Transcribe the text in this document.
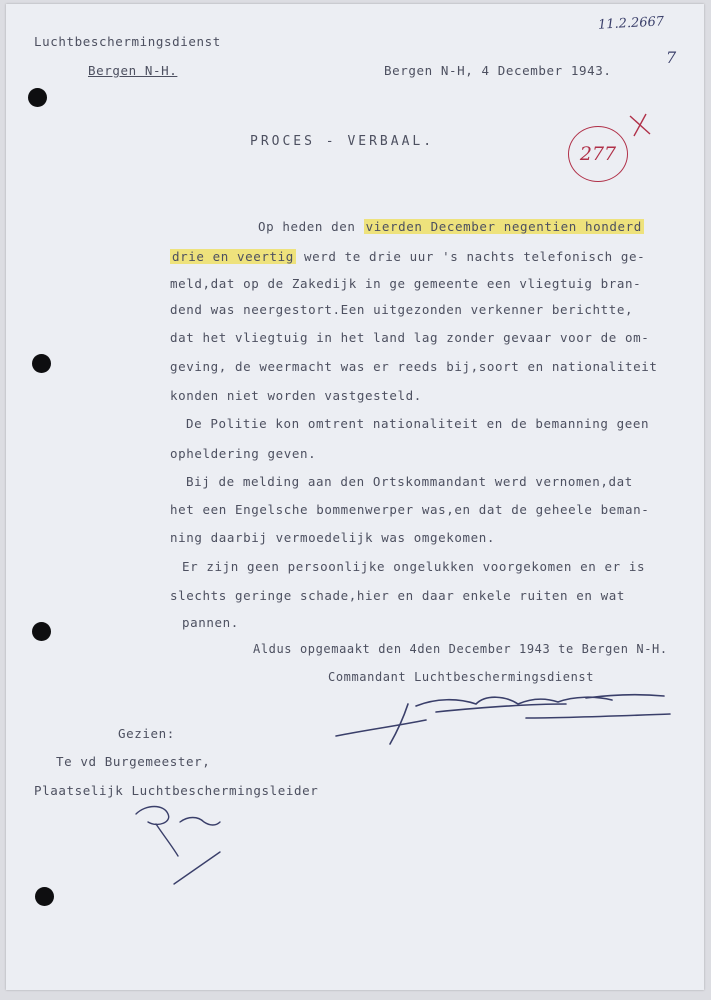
11.2.2667
7
277
Luchtbeschermingsdienst
Bergen N-H.	Bergen N-H, 4 December 1943.
PROCES - VERBAAL.
Op heden den vierden December negentien honderd
drie en veertig werd te drie uur 's nachts telefonisch ge-
meld,dat op de Zakedijk in ge gemeente een vliegtuig bran-
dend was neergestort.Een uitgezonden verkenner berichtte,
dat het vliegtuig in het land lag zonder gevaar voor de om-
geving, de weermacht was er reeds bij,soort en nationaliteit
konden niet worden vastgesteld.
De Politie kon omtrent nationaliteit en de bemanning geen
opheldering geven.
Bij de melding aan den Ortskommandant werd vernomen,dat
het een Engelsche bommenwerper was,en dat de geheele beman-
ning daarbij vermoedelijk was omgekomen.
Er zijn geen persoonlijke ongelukken voorgekomen en er is
slechts geringe schade,hier en daar enkele ruiten en wat
pannen.
Aldus opgemaakt den 4den December 1943 te Bergen N-H.
Commandant Luchtbeschermingsdienst
Gezien:
Te vd Burgemeester,
Plaatselijk Luchtbeschermingsleider
